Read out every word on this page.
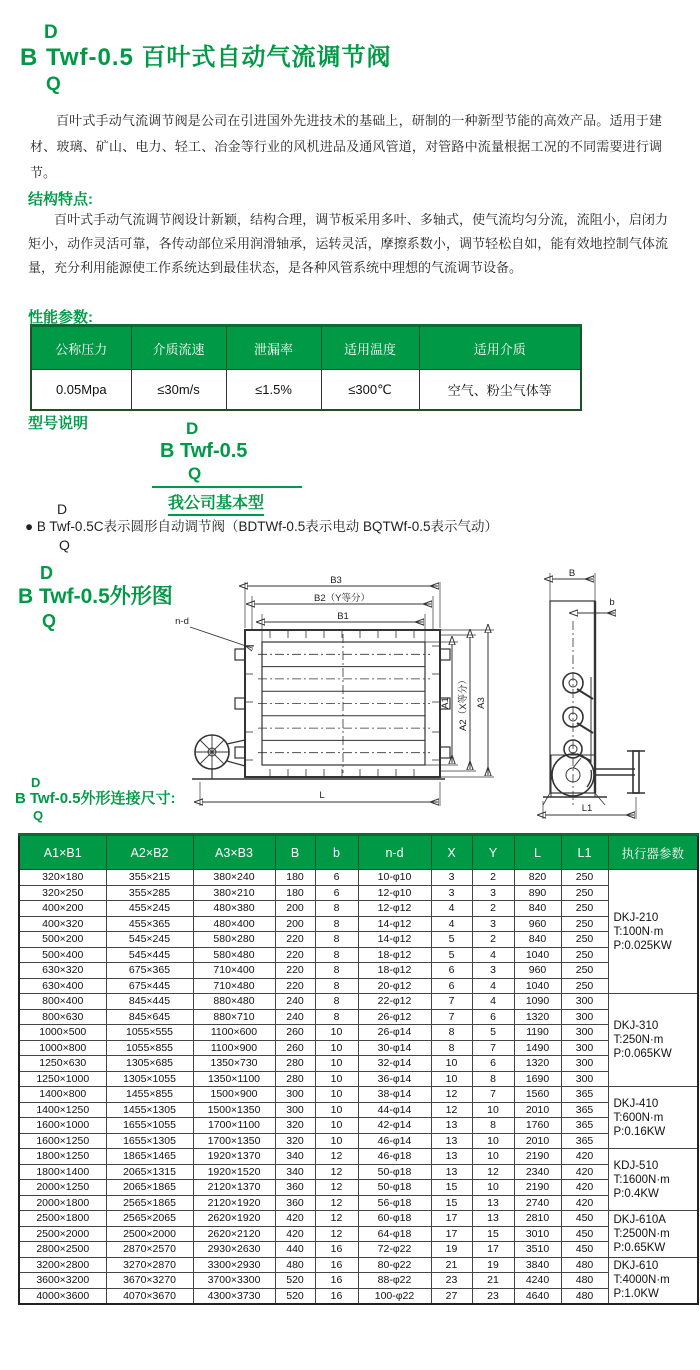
D
B Twf-0.5 百叶式自动气流调节阀
Q
百叶式手动气流调节阀是公司在引进国外先进技术的基础上，研制的一种新型节能的高效产品。适用于建材、玻璃、矿山、电力、轻工、冶金等行业的风机进品及通风管道，对管路中流量根据工况的不同需要进行调节。
结构特点:
百叶式手动气流调节阀设计新颖，结构合理，调节板采用多叶、多轴式，使气流均匀分流，流阻小，启闭力矩小，动作灵活可靠，各传动部位采用润滑轴承，运转灵活，摩擦系数小，调节轻松自如，能有效地控制气体流量，充分利用能源使工作系统达到最佳状态，是各种风管系统中理想的气流调节设备。
性能参数:
公称压力	介质流速	泄漏率	适用温度	适用介质
0.05Mpa	≤30m/s	≤1.5%	≤300℃	空气、粉尘气体等
型号说明	D
B Twf-0.5
Q
我公司基本型
D
● B Twf-0.5C表示圆形自动调节阀（BDTWf-0.5表示电动 BQTWf-0.5表示气动）
Q
D
B Twf-0.5外形图
Q
B3
B2（Y等分）
B1
n-d
A1 A2（X等分） A3
L
B
b
L1
D
B Twf-0.5外形连接尺寸:
Q
A1×B1	A2×B2	A3×B3	B	b	n-d	X	Y	L	L1	执行器参数
320×180	355×215	380×240	180	6	10-φ10	3	2	820	250	DKJ-210
T:100N·m
P:0.025KW

320×250	355×285	380×210	180	6	12-φ10	3	3	890	250	
400×200	455×245	480×380	200	8	12-φ12	4	2	840	250	
400×320	455×365	480×400	200	8	14-φ12	4	3	960	250	
500×200	545×245	580×280	220	8	14-φ12	5	2	840	250	
500×400	545×445	580×480	220	8	18-φ12	5	4	1040	250	
630×320	675×365	710×400	220	8	18-φ12	6	3	960	250	
630×400	675×445	710×480	220	8	20-φ12	6	4	1040	250	
800×400	845×445	880×480	240	8	22-φ12	7	4	1090	300	DKJ-310
T:250N·m
P:0.065KW

800×630	845×645	880×710	240	8	26-φ12	7	6	1320	300	
1000×500	1055×555	1100×600	260	10	26-φ14	8	5	1190	300	
1000×800	1055×855	1100×900	260	10	30-φ14	8	7	1490	300	
1250×630	1305×685	1350×730	280	10	32-φ14	10	6	1320	300	
1250×1000	1305×1055	1350×1100	280	10	36-φ14	10	8	1690	300	
1400×800	1455×855	1500×900	300	10	38-φ14	12	7	1560	365	DKJ-410
T:600N·m
P:0.16KW

1400×1250	1455×1305	1500×1350	300	10	44-φ14	12	10	2010	365	
1600×1000	1655×1055	1700×1100	320	10	42-φ14	13	8	1760	365	
1600×1250	1655×1305	1700×1350	320	10	46-φ14	13	10	2010	365	
1800×1250	1865×1465	1920×1370	340	12	46-φ18	13	10	2190	420	KDJ-510
T:1600N·m
P:0.4KW

1800×1400	2065×1315	1920×1520	340	12	50-φ18	13	12	2340	420	
2000×1250	2065×1865	2120×1370	360	12	50-φ18	15	10	2190	420	
2000×1800	2565×1865	2120×1920	360	12	56-φ18	15	13	2740	420	
2500×1800	2565×2065	2620×1920	420	12	60-φ18	17	13	2810	450	DKJ-610A
T:2500N·m
P:0.65KW

2500×2000	2500×2000	2620×2120	420	12	64-φ18	17	15	3010	450	
2800×2500	2870×2570	2930×2630	440	16	72-φ22	19	17	3510	450	
3200×2800	3270×2870	3300×2930	480	16	80-φ22	21	19	3840	480	DKJ-610
T:4000N·m
P:1.0KW

3600×3200	3670×3270	3700×3300	520	16	88-φ22	23	21	4240	480	
4000×3600	4070×3670	4300×3730	520	16	100-φ22	27	23	4640	480	
